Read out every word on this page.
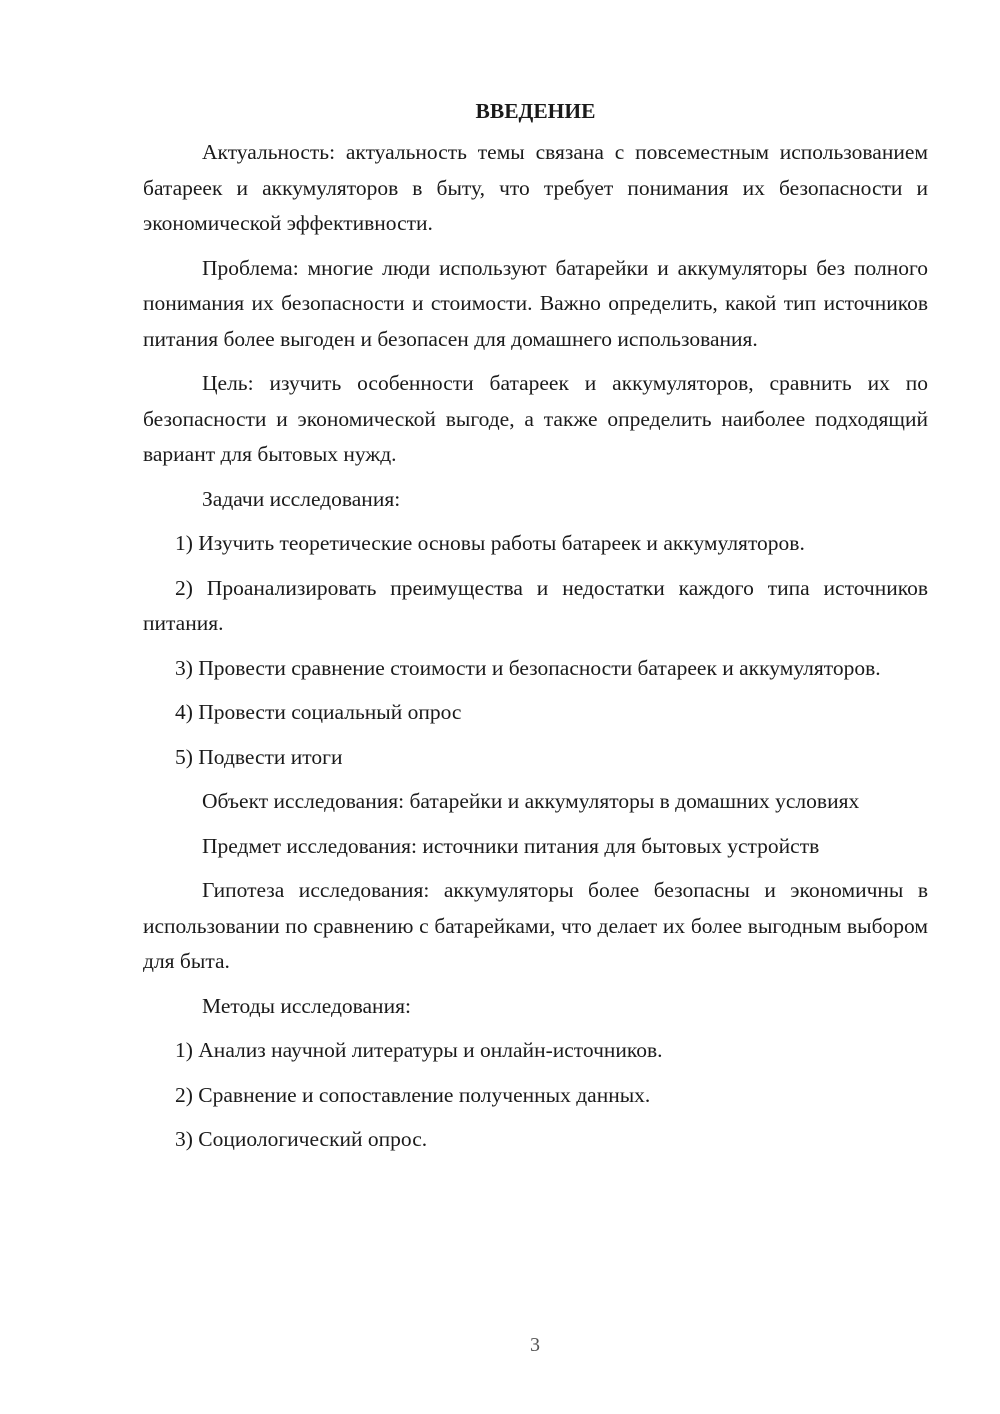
ВВЕДЕНИЕ

Актуальность: актуальность темы связана с повсеместным использованием батареек и аккумуляторов в быту, что требует понимания их безопасности и экономической эффективности.

Проблема: многие люди используют батарейки и аккумуляторы без полного понимания их безопасности и стоимости. Важно определить, какой тип источников питания более выгоден и безопасен для домашнего использования.

Цель: изучить особенности батареек и аккумуляторов, сравнить их по безопасности и экономической выгоде, а также определить наиболее подходящий вариант для бытовых нужд.

Задачи исследования:

1) Изучить теоретические основы работы батареек и аккумуляторов.

2) Проанализировать преимущества и недостатки каждого типа источников питания.

3) Провести сравнение стоимости и безопасности батареек и аккумуляторов.

4) Провести социальный опрос

5) Подвести итоги

Объект исследования: батарейки и аккумуляторы в домашних условиях

Предмет исследования: источники питания для бытовых устройств

Гипотеза исследования: аккумуляторы более безопасны и экономичны в использовании по сравнению с батарейками, что делает их более выгодным выбором для быта.

Методы исследования:

1) Анализ научной литературы и онлайн-источников.

2) Сравнение и сопоставление полученных данных.

3) Социологический опрос.

3
